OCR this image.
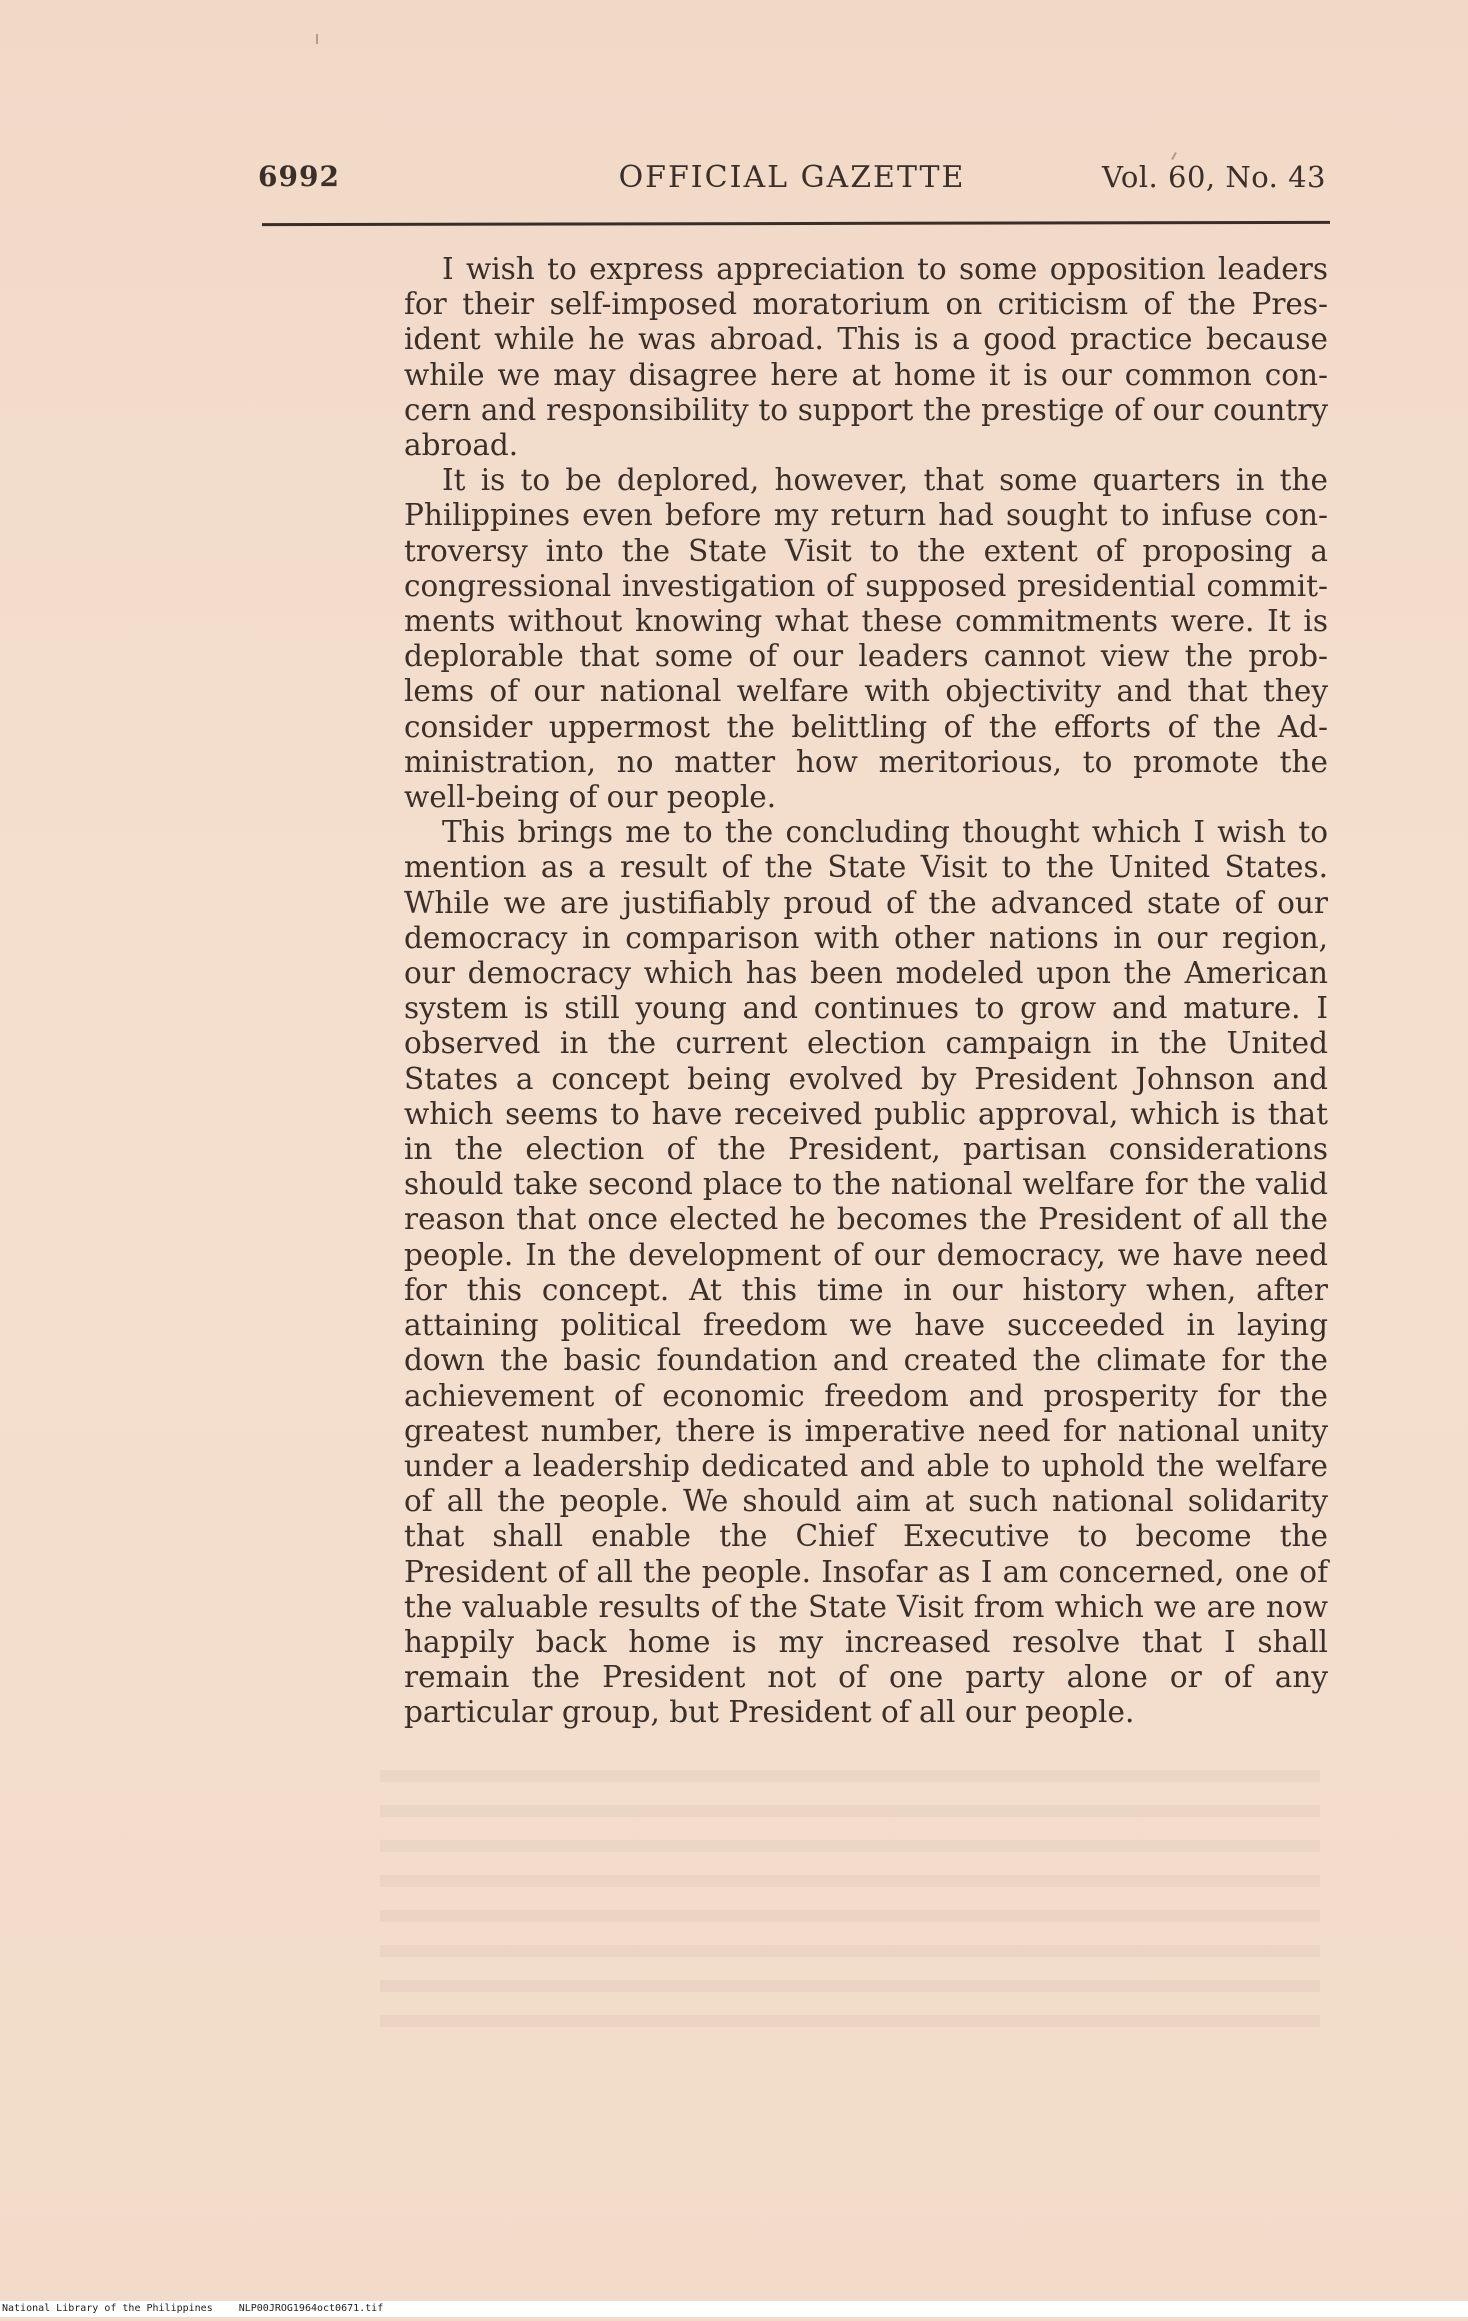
OFFICIAL GAZETTE
6992	Vol. 60, No. 43

I wish to express appreciation to some opposition leaders for their self-imposed moratorium on criticism of the President while he was abroad. This is a good practice because while we may disagree here at home it is our common concern and responsibility to support the prestige of our country abroad.

It is to be deplored, however, that some quarters in the Philippines even before my return had sought to infuse controversy into the State Visit to the extent of proposing a congressional investigation of supposed presidential commitments without knowing what these commitments were. It is deplorable that some of our leaders cannot view the problems of our national welfare with objectivity and that they consider uppermost the belittling of the efforts of the Administration, no matter how meritorious, to promote the well-being of our people.

This brings me to the concluding thought which I wish to mention as a result of the State Visit to the United States. While we are justifiably proud of the advanced state of our democracy in comparison with other nations in our region, our democracy which has been modeled upon the American system is still young and continues to grow and mature. I observed in the current election campaign in the United States a concept being evolved by President Johnson and which seems to have received public approval, which is that in the election of the President, partisan considerations should take second place to the national welfare for the valid reason that once elected he becomes the President of all the people. In the development of our democracy, we have need for this concept. At this time in our history when, after attaining political freedom we have succeeded in laying down the basic foundation and created the climate for the achievement of economic freedom and prosperity for the greatest number, there is imperative need for national unity under a leadership dedicated and able to uphold the welfare of all the people. We should aim at such national solidarity that shall enable the Chief Executive to become the President of all the people. Insofar as I am concerned, one of the valuable results of the State Visit from which we are now happily back home is my increased resolve that I shall remain the President not of one party alone or of any particular group, but President of all our people.

National Library of the Philippines	NLP00JROG1964oct0671.tif
